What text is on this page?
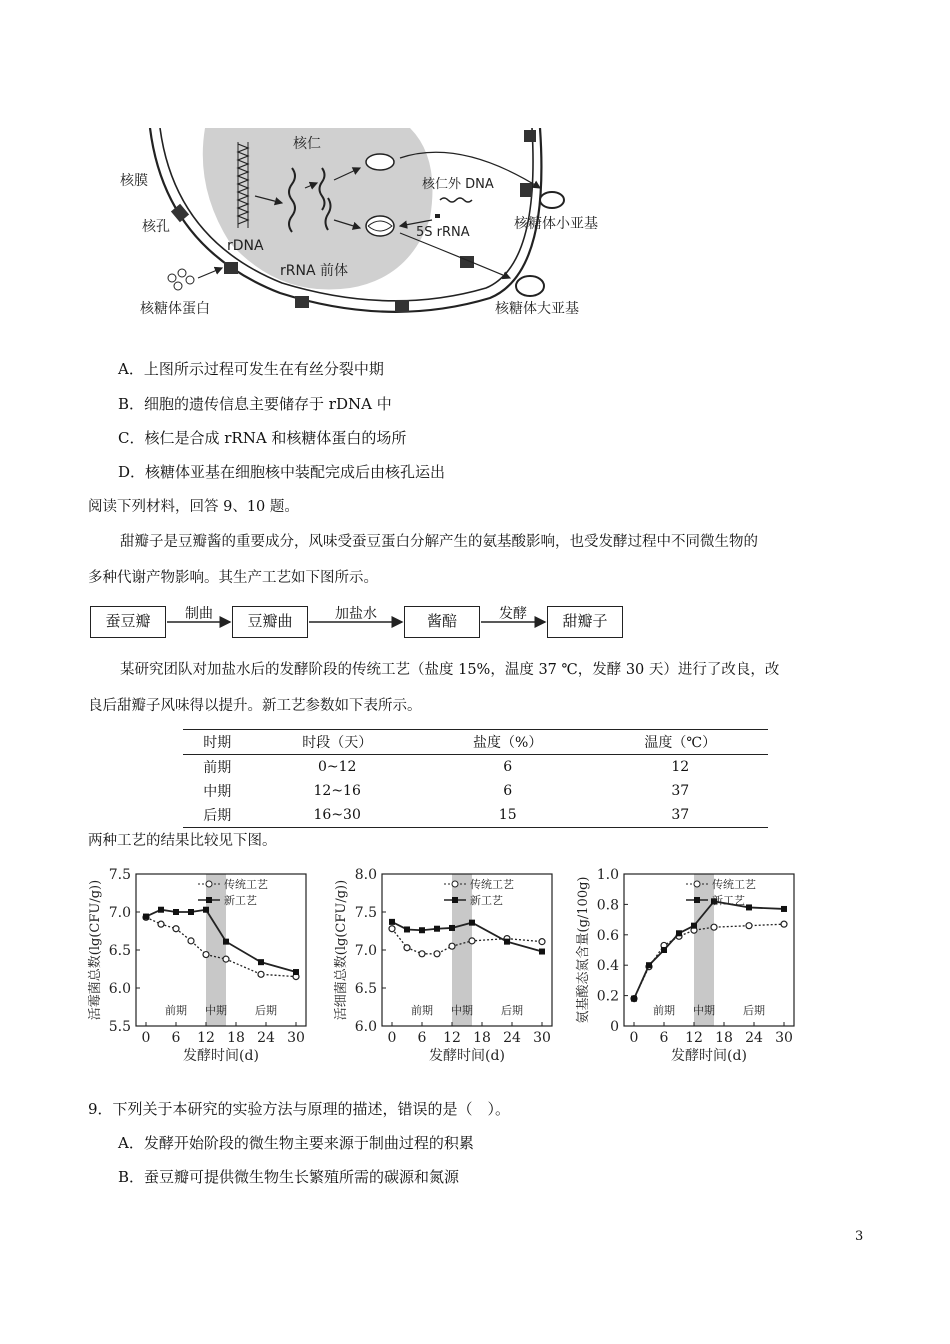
核膜
核孔
核仁
rDNA
rRNA 前体
核仁外 DNA
5S rRNA
核糖体小亚基
核糖体大亚基
核糖体蛋白
A．上图所示过程可发生在有丝分裂中期
B．细胞的遗传信息主要储存于 rDNA 中
C．核仁是合成 rRNA 和核糖体蛋白的场所
D．核糖体亚基在细胞核中装配完成后由核孔运出
阅读下列材料，回答 9、10 题。
甜瓣子是豆瓣酱的重要成分，风味受蚕豆蛋白分解产生的氨基酸影响，也受发酵过程中不同微生物的
多种代谢产物影响。其生产工艺如下图所示。
蚕豆瓣	豆瓣曲	酱醅	甜瓣子
制曲	加盐水	发酵
某研究团队对加盐水后的发酵阶段的传统工艺（盐度 15%，温度 37 ℃，发酵 30 天）进行了改良，改
良后甜瓣子风味得以提升。新工艺参数如下表所示。
时期	时段（天）	盐度（%）	温度（℃）
前期	0~12	6	12
中期	12~16	6	37
后期	16~30	15	37
两种工艺的结果比较见下图。
5.5
6.0
6.5
7.0
7.5
0 6 12 18 24 30
发酵时间(d)
活霉菌总数(lg(CFU/g))	前期 中期	后期
传统工艺
新工艺
6.0
6.5
7.0
7.5
8.0
0 6 12 18 24 30
发酵时间(d)
活细菌总数(lg(CFU/g))	前期 中期	后期
传统工艺
新工艺
0
0.2
0.4
0.6
0.8
1.0
0 6 12 18 24 30
发酵时间(d)
氨基酸态氮含量(g/100g)	前期 中期	后期
传统工艺
新工艺
9．下列关于本研究的实验方法与原理的描述，错误的是（　）。
A．发酵开始阶段的微生物主要来源于制曲过程的积累
B．蚕豆瓣可提供微生物生长繁殖所需的碳源和氮源
3
